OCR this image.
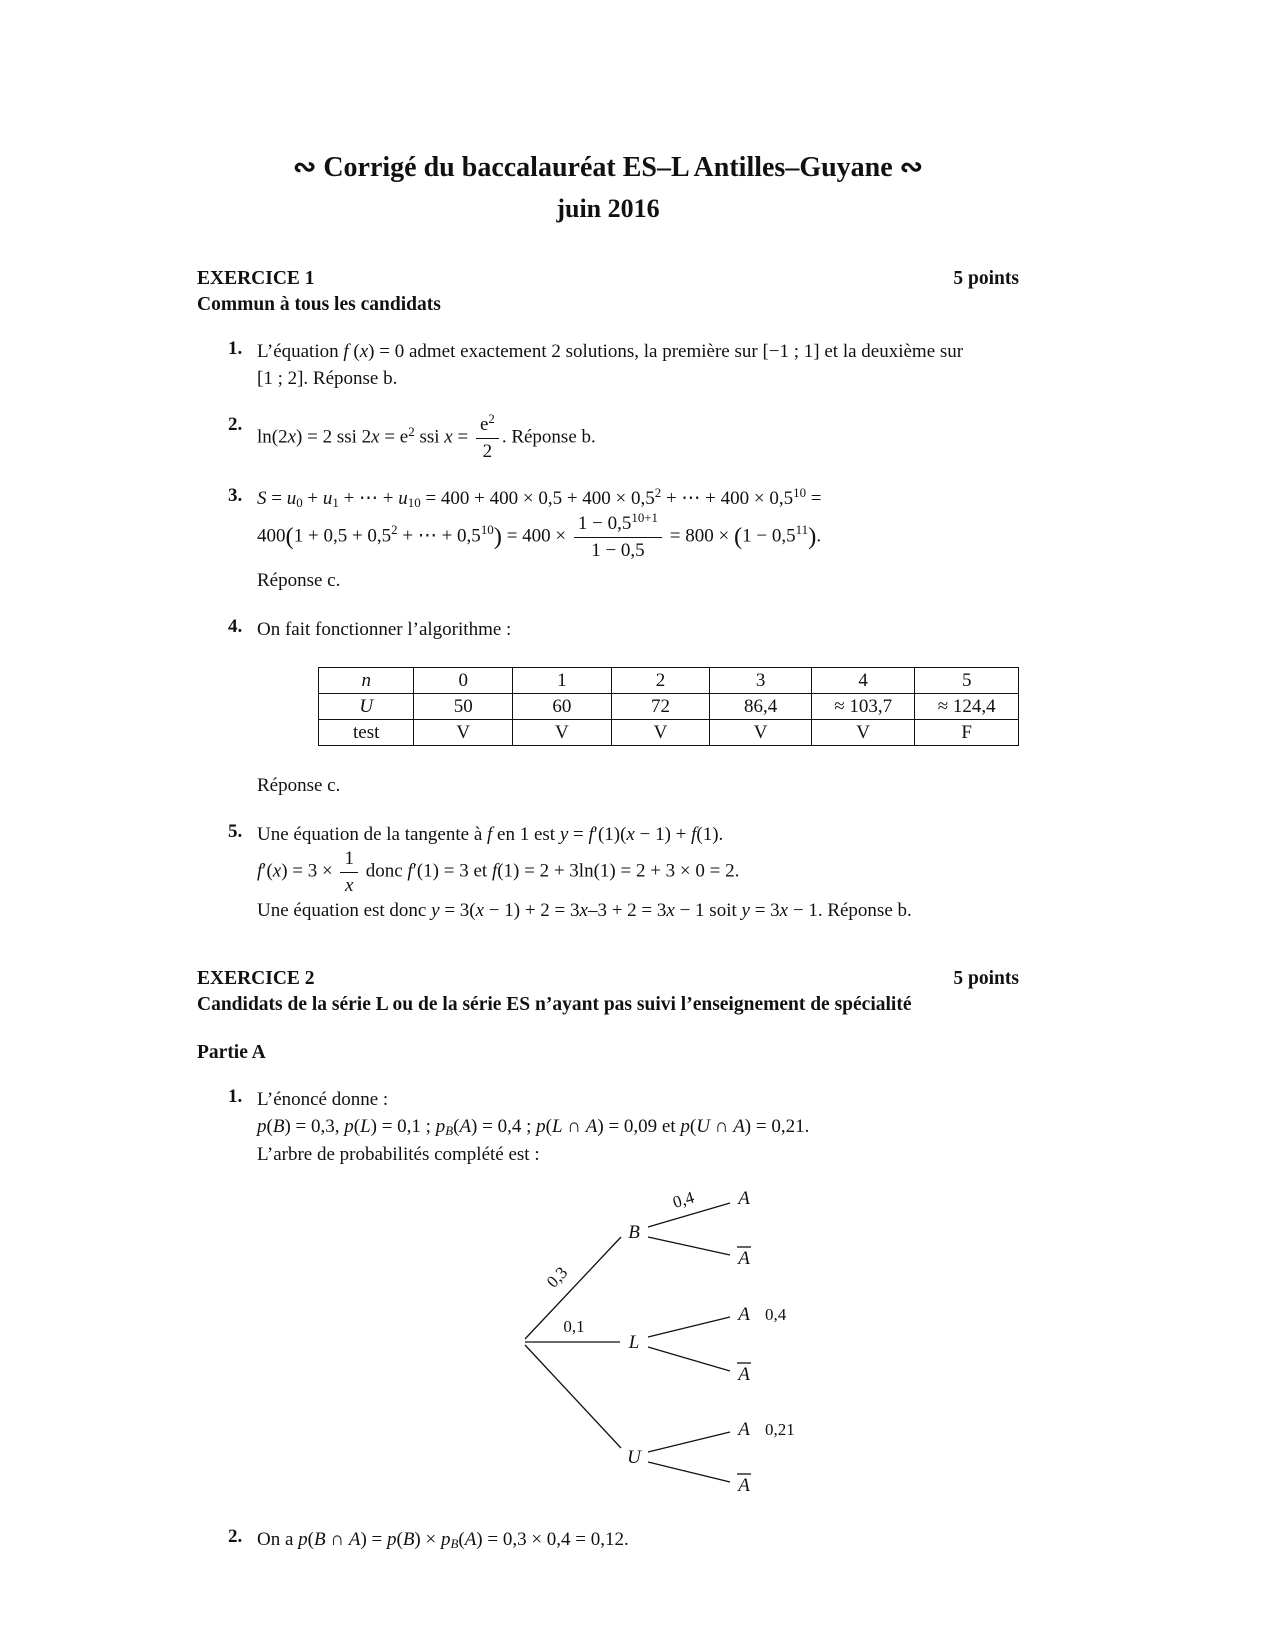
∾ Corrigé du baccalauréat ES–L Antilles–Guyane ∾
juin 2016
EXERCICE 1	5 points
Commun à tous les candidats
1. L’équation f (x) = 0 admet exactement 2 solutions, la première sur [−1 ; 1] et la deuxième sur
[1 ; 2]. Réponse b.
2.
ln(2x) = 2 ssi $2x = e^2$ ssi $x = \frac{e^2}{2}$ . Réponse b.
3. S = u0 + u1 + ⋯ + $u10 = 400 + 400 \times 0,5 + 400 \times 0,5^2$ + ⋯ + $400 \times 0,5^{10}$ =
$400(1 + 0,5 + 0,5^2$ + ⋯ + $0,5^{10}) = 400 \times \frac{1 - 0,5^{10+1}}{1 - 0,5} = 800 \times (1 - 0,5^{11})$.
Réponse c.
4. On fait fonctionner l’algorithme :
n	0	1	2	3	4	5
U	50	60	72	86,4	≈ 103,7	≈ 124,4
test	V	V	V	V	V	F
Réponse c.
5. Une équation de la tangente à f en 1 est y = f′(1)(x − 1) + f(1).
$f'(x) = 3 \times \frac{1}{x}$ donc f′(1) = 3 et f(1) = 2 + 3ln(1) = 2 + 3 × 0 = 2.
Une équation est donc y = 3(x − 1) + 2 = 3x–3 + 2 = 3x − 1 soit y = 3x − 1. Réponse b.
EXERCICE 2	5 points
Candidats de la série L ou de la série ES n’ayant pas suivi l’enseignement de spécialité
Partie A
1. L’énoncé donne :
p(B) = 0,3, p(L) = 0,1 ; pB(A) = 0,4 ; p(L ∩ A) = 0,09 et p(U ∩ A) = 0,21.
L’arbre de probabilités complété est :
B
L
U
A
A
A
A
A
A
0,3
0,1
0,4
0,4
0,21
2. On a p(B ∩ A) = p(B) × pB(A) = 0,3 × 0,4 = 0,12.
